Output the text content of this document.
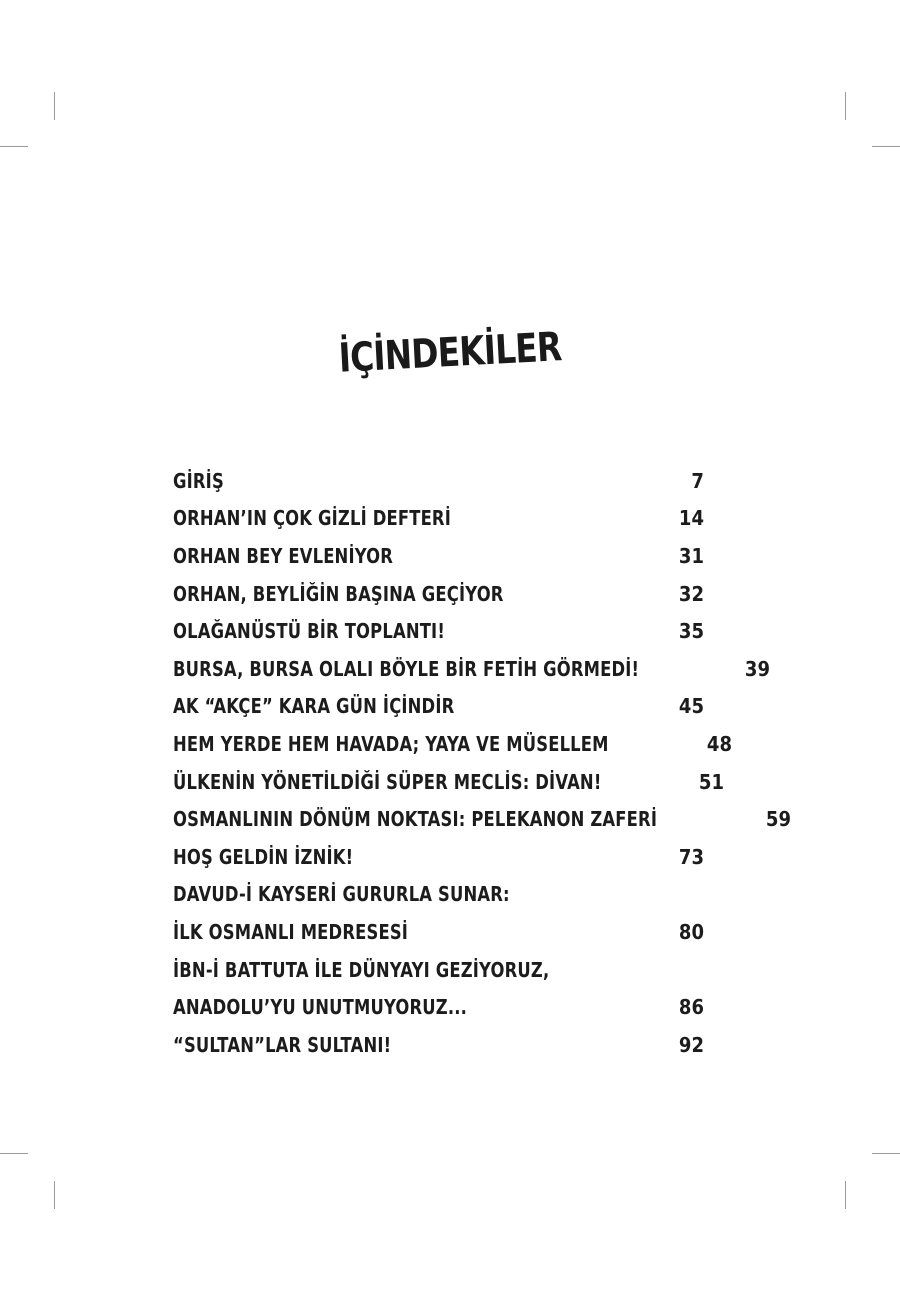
İÇİNDEKİLER
GİRİŞ	7
ORHAN’IN ÇOK GİZLİ DEFTERİ	14
ORHAN BEY EVLENİYOR	31
ORHAN, BEYLİĞİN BAŞINA GEÇİYOR	32
OLAĞANÜSTÜ BİR TOPLANTI!	35
BURSA, BURSA OLALI BÖYLE BİR FETİH GÖRMEDİ!	39
AK “AKÇE” KARA GÜN İÇİNDİR	45
HEM YERDE HEM HAVADA; YAYA VE MÜSELLEM	48
ÜLKENİN YÖNETİLDİĞİ SÜPER MECLİS: DİVAN!	51
OSMANLININ DÖNÜM NOKTASI: PELEKANON ZAFERİ	59
HOŞ GELDİN İZNİK!	73
DAVUD-İ KAYSERİ GURURLA SUNAR:
İLK OSMANLI MEDRESESİ	80
İBN-İ BATTUTA İLE DÜNYAYI GEZİYORUZ,
ANADOLU’YU UNUTMUYORUZ...	86
“SULTAN”LAR SULTANI!	92
